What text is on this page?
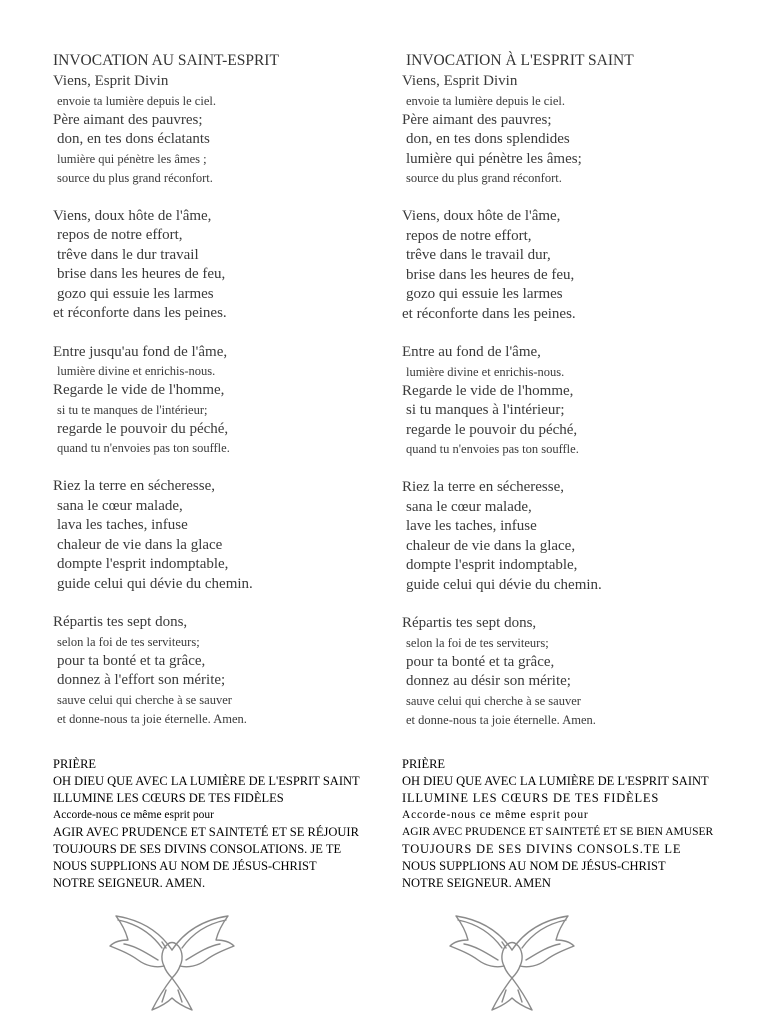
INVOCATION AU SAINT-ESPRIT
Viens, Esprit Divin
envoie ta lumière depuis le ciel.
Père aimant des pauvres;
don, en tes dons éclatants
lumière qui pénètre les âmes ;
source du plus grand réconfort.
Viens, doux hôte de l'âme,
repos de notre effort,
trêve dans le dur travail
brise dans les heures de feu,
gozo qui essuie les larmes
et réconforte dans les peines.
Entre jusqu'au fond de l'âme,
lumière divine et enrichis-nous.
Regarde le vide de l'homme,
si tu te manques de l'intérieur;
regarde le pouvoir du péché,
quand tu n'envoies pas ton souffle.
Riez la terre en sécheresse,
sana le cœur malade,
lava les taches, infuse
chaleur de vie dans la glace
dompte l'esprit indomptable,
guide celui qui dévie du chemin.
Répartis tes sept dons,
selon la foi de tes serviteurs;
pour ta bonté et ta grâce,
donnez à l'effort son mérite;
sauve celui qui cherche à se sauver
et donne-nous ta joie éternelle. Amen.
INVOCATION À L'ESPRIT SAINT
Viens, Esprit Divin
envoie ta lumière depuis le ciel.
Père aimant des pauvres;
don, en tes dons splendides
lumière qui pénètre les âmes;
source du plus grand réconfort.
Viens, doux hôte de l'âme,
repos de notre effort,
trêve dans le travail dur,
brise dans les heures de feu,
gozo qui essuie les larmes
et réconforte dans les peines.
Entre au fond de l'âme,
lumière divine et enrichis-nous.
Regarde le vide de l'homme,
si tu manques à l'intérieur;
regarde le pouvoir du péché,
quand tu n'envoies pas ton souffle.
Riez la terre en sécheresse,
sana le cœur malade,
lave les taches, infuse
chaleur de vie dans la glace,
dompte l'esprit indomptable,
guide celui qui dévie du chemin.
Répartis tes sept dons,
selon la foi de tes serviteurs;
pour ta bonté et ta grâce,
donnez au désir son mérite;
sauve celui qui cherche à se sauver
et donne-nous ta joie éternelle. Amen.
PRIÈRE
OH DIEU QUE AVEC LA LUMIÈRE DE L'ESPRIT SAINT
ILLUMINE LES CŒURS DE TES FIDÈLES
Accorde-nous ce même esprit pour
AGIR AVEC PRUDENCE ET SAINTETÉ ET SE RÉJOUIR
TOUJOURS DE SES DIVINS CONSOLATIONS. JE TE
NOUS SUPPLIONS AU NOM DE JÉSUS-CHRIST
NOTRE SEIGNEUR. AMEN.
PRIÈRE
OH DIEU QUE AVEC LA LUMIÈRE DE L'ESPRIT SAINT
ILLUMINE LES CŒURS DE TES FIDÈLES
Accorde-nous ce même esprit pour
AGIR AVEC PRUDENCE ET SAINTETÉ ET SE BIEN AMUSER
TOUJOURS DE SES DIVINS CONSOLS.TE LE
NOUS SUPPLIONS AU NOM DE JÉSUS-CHRIST
NOTRE SEIGNEUR. AMEN
